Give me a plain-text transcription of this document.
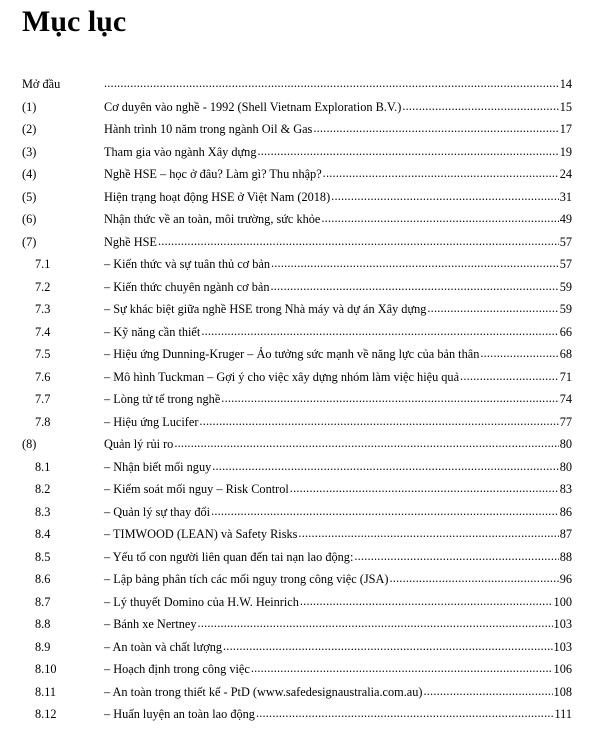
Mục lục
Mở đầu .....	14
(1)	Cơ duyên vào nghề - 1992 (Shell Vietnam Exploration B.V.) .....	15
(2)	Hành trình 10 năm trong ngành Oil & Gas .....	17
(3)	Tham gia vào ngành Xây dựng .....	19
(4)	Nghề HSE – học ở đâu? Làm gì? Thu nhập? .....	24
(5)	Hiện trạng hoạt động HSE ở Việt Nam (2018) .....	31
(6)	Nhận thức về an toàn, môi trường, sức khỏe .....	49
(7)	Nghề HSE .....	57
7.1	– Kiến thức và sự tuân thủ cơ bản .....	57
7.2	– Kiến thức chuyên ngành cơ bản .....	59
7.3	– Sự khác biệt giữa nghề HSE trong Nhà máy và dự án Xây dựng .....	59
7.4	– Kỹ năng cần thiết .....	66
7.5	– Hiệu ứng Dunning-Kruger – Ảo tưởng sức mạnh về năng lực của bản thân .....	68
7.6	– Mô hình Tuckman – Gợi ý cho việc xây dựng nhóm làm việc hiệu quả .....	71
7.7	– Lòng tử tế trong nghề .....	74
7.8	– Hiệu ứng Lucifer .....	77
(8)	Quản lý rủi ro .....	80
8.1	– Nhận biết mối nguy .....	80
8.2	– Kiểm soát mối nguy – Risk Control .....	83
8.3	– Quản lý sự thay đổi .....	86
8.4	– TIMWOOD (LEAN) và Safety Risks .....	87
8.5	– Yếu tố con người liên quan đến tai nạn lao động: .....	88
8.6	– Lập bảng phân tích các mối nguy trong công việc (JSA) .....	96
8.7	– Lý thuyết Domino của H.W. Heinrich .....	100
8.8	– Bánh xe Nertney .....	103
8.9	– An toàn và chất lượng .....	103
8.10	– Hoạch định trong công việc .....	106
8.11	– An toàn trong thiết kế - PtD (www.safedesignaustralia.com.au) .....	108
8.12	– Huấn luyện an toàn lao động .....	111
